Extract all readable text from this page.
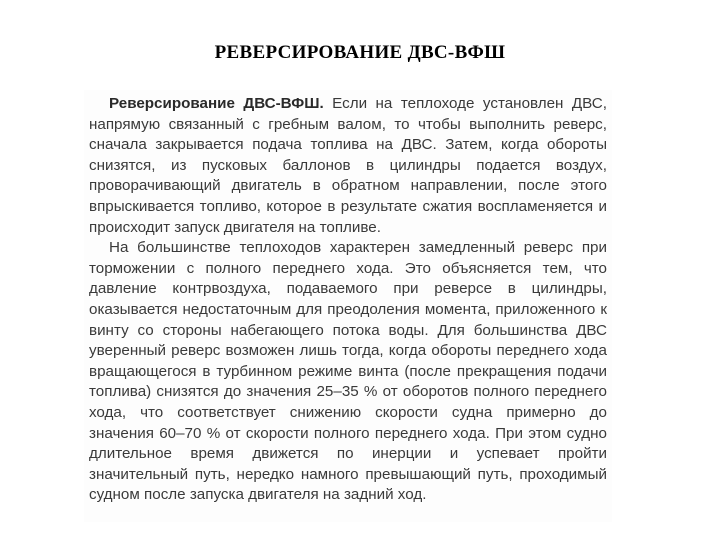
РЕВЕРСИРОВАНИЕ ДВС-ВФШ

Реверсирование ДВС-ВФШ. Если на теплоходе установлен ДВС, напрямую связанный с гребным валом, то чтобы выполнить реверс, сначала закрывается подача топлива на ДВС. Затем, когда обороты снизятся, из пусковых баллонов в цилиндры подается воздух, проворачивающий двигатель в обратном направлении, после этого впрыскивается топливо, которое в результате сжатия воспламеняется и происходит запуск двигателя на топливе.

На большинстве теплоходов характерен замедленный реверс при торможении с полного переднего хода. Это объясняется тем, что давление контрвоздуха, подаваемого при реверсе в цилиндры, оказывается недостаточным для преодоления момента, приложенного к винту со стороны набегающего потока воды. Для большинства ДВС уверенный реверс возможен лишь тогда, когда обороты переднего хода вращающегося в турбинном режиме винта (после прекращения подачи топлива) снизятся до значения 25–35 % от оборотов полного переднего хода, что соответствует снижению скорости судна примерно до значения 60–70 % от скорости полного переднего хода. При этом судно длительное время движется по инерции и успевает пройти значительный путь, нередко намного превышающий путь, проходимый судном после запуска двигателя на задний ход.
